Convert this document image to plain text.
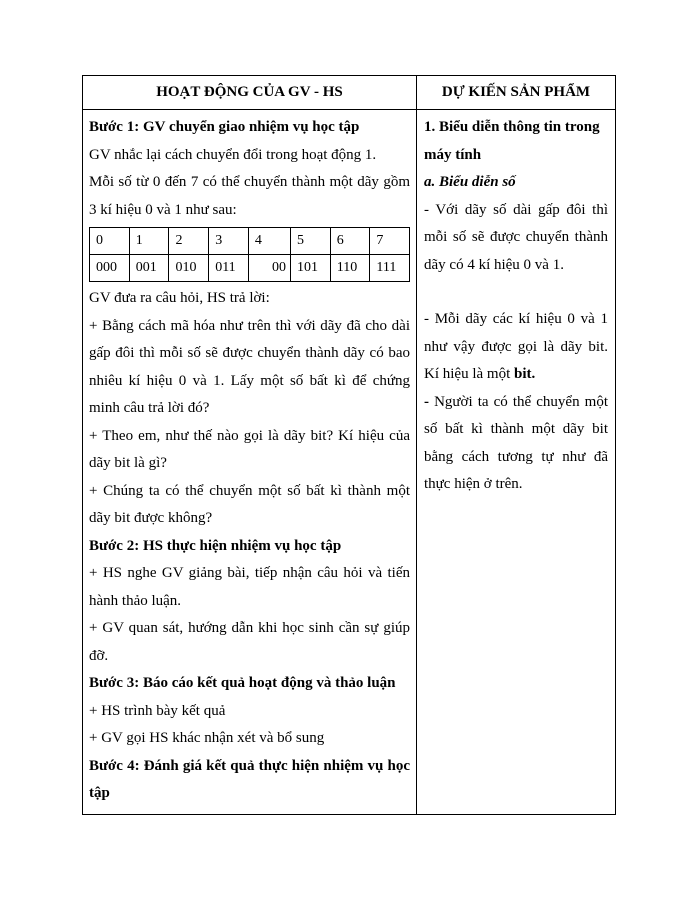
HOẠT ĐỘNG CỦA GV - HS	DỰ KIẾN SẢN PHẨM

Bước 1: GV chuyển giao nhiệm vụ học tập
GV nhắc lại cách chuyển đổi trong hoạt động 1.
Mỗi số từ 0 đến 7 có thể chuyển thành một dãy gồm 3 kí hiệu 0 và 1 như sau:
0	1	2	3	4	5	6	7
000	001	010	011	00	101	110	111
GV đưa ra câu hỏi, HS trả lời:
+ Bằng cách mã hóa như trên thì với dãy đã cho dài gấp đôi thì mỗi số sẽ được chuyển thành dãy có bao nhiêu kí hiệu 0 và 1. Lấy một số bất kì để chứng minh câu trả lời đó?
+ Theo em, như thế nào gọi là dãy bit? Kí hiệu của dãy bit là gì?
+ Chúng ta có thể chuyển một số bất kì thành một dãy bit được không?
Bước 2: HS thực hiện nhiệm vụ học tập
+ HS nghe GV giảng bài, tiếp nhận câu hỏi và tiến hành thảo luận.
+ GV quan sát, hướng dẫn khi học sinh cần sự giúp đỡ.
Bước 3: Báo cáo kết quả hoạt động và thảo luận
+ HS trình bày kết quả
+ GV gọi HS khác nhận xét và bổ sung
Bước 4: Đánh giá kết quả thực hiện nhiệm vụ học tập

1. Biểu diễn thông tin trong máy tính
a. Biểu diễn số
- Với dãy số dài gấp đôi thì mỗi số sẽ được chuyển thành dãy có 4 kí hiệu 0 và 1.
- Mỗi dãy các kí hiệu 0 và 1 như vậy được gọi là dãy bit. Kí hiệu là một bit.
- Người ta có thể chuyển một số bất kì thành một dãy bit bằng cách tương tự như đã thực hiện ở trên.
